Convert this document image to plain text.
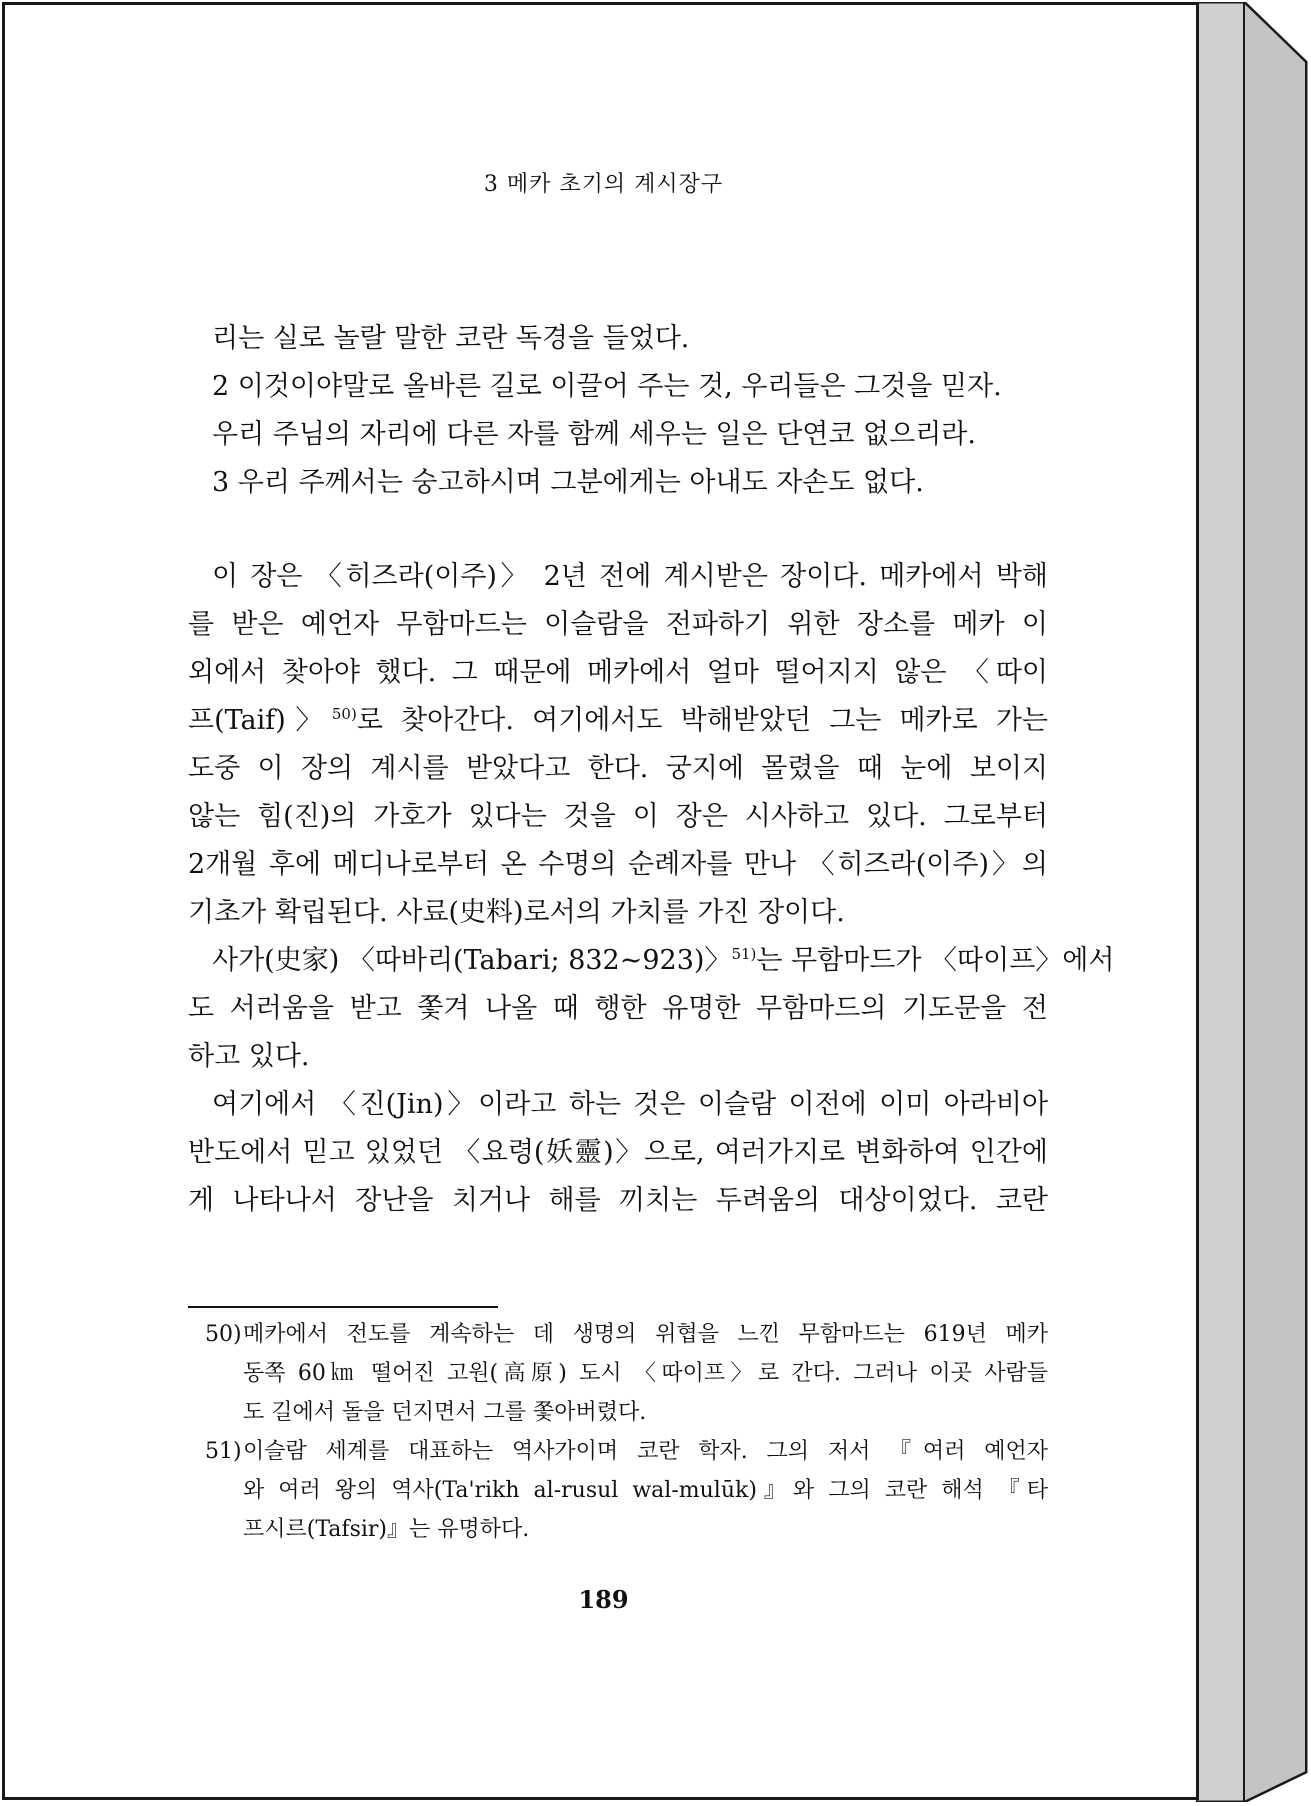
3 메카 초기의 계시장구
리는 실로 놀랄 말한 코란 독경을 들었다.
2 이것이야말로 올바른 길로 이끌어 주는 것, 우리들은 그것을 믿자.
우리 주님의 자리에 다른 자를 함께 세우는 일은 단연코 없으리라.
3 우리 주께서는 숭고하시며 그분에게는 아내도 자손도 없다.
이 장은 〈히즈라(이주)〉 2년 전에 계시받은 장이다. 메카에서 박해
를 받은 예언자 무함마드는 이슬람을 전파하기 위한 장소를 메카 이
외에서 찾아야 했다. 그 때문에 메카에서 얼마 떨어지지 않은 〈따이
프(Taif)〉$^{50)}$로 찾아간다. 여기에서도 박해받았던 그는 메카로 가는
도중 이 장의 계시를 받았다고 한다. 궁지에 몰렸을 때 눈에 보이지
않는 힘(진)의 가호가 있다는 것을 이 장은 시사하고 있다. 그로부터
2개월 후에 메디나로부터 온 수명의 순례자를 만나 〈히즈라(이주)〉의
기초가 확립된다. 사료(史料)로서의 가치를 가진 장이다.
사가(史家) 〈따바리(Tabari; 832~923)〉$^{51)}$는 무함마드가 〈따이프〉에서
도 서러움을 받고 쫓겨 나올 때 행한 유명한 무함마드의 기도문을 전
하고 있다.
여기에서 〈진(Jin)〉이라고 하는 것은 이슬람 이전에 이미 아라비아
반도에서 믿고 있었던 〈요령(妖靈)〉으로, 여러가지로 변화하여 인간에
게 나타나서 장난을 치거나 해를 끼치는 두려움의 대상이었다. 코란
50)메카에서 전도를 계속하는 데 생명의 위협을 느낀 무함마드는 619년 메카
동쪽 60㎞ 떨어진 고원(高原) 도시 〈따이프〉로 간다. 그러나 이곳 사람들
도 길에서 돌을 던지면서 그를 쫓아버렸다.
51)이슬람 세계를 대표하는 역사가이며 코란 학자. 그의 저서 『여러 예언자
와 여러 왕의 역사(Ta'rikh al-rusul wal-mulūk)』와 그의 코란 해석 『타
프시르(Tafsir)』는 유명하다.
189
